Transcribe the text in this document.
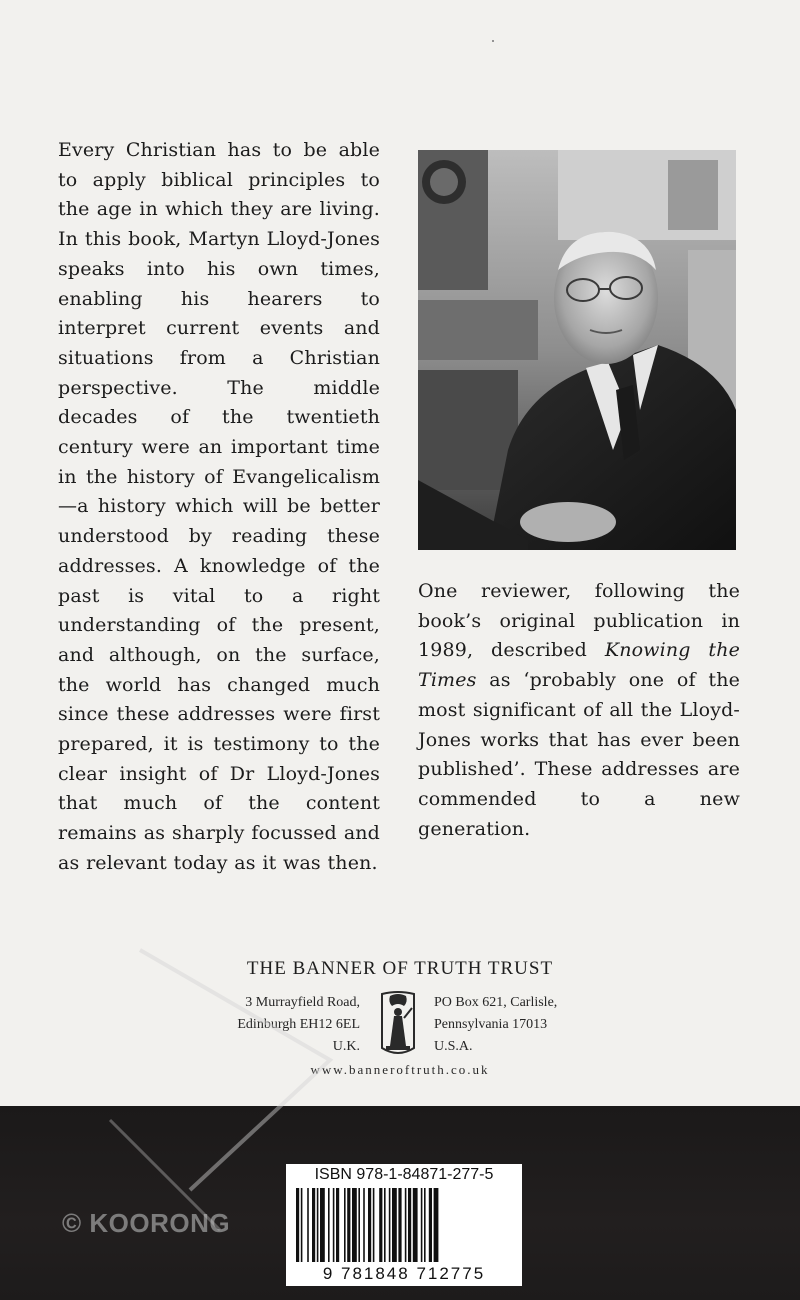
Every Christian has to be able to apply biblical principles to the age in which they are living. In this book, Martyn Lloyd-Jones speaks into his own times, enabling his hearers to interpret current events and situations from a Christian perspective. The middle decades of the twentieth century were an important time in the history of Evangelicalism—a history which will be better understood by reading these addresses. A knowledge of the past is vital to a right understanding of the present, and although, on the surface, the world has changed much since these addresses were first prepared, it is testimony to the clear insight of Dr Lloyd-Jones that much of the content remains as sharply focussed and as relevant today as it was then.

One reviewer, following the book’s original publication in 1989, described Knowing the Times as ‘probably one of the most significant of all the Lloyd-Jones works that has ever been published’. These addresses are commended to a new generation.

THE BANNER OF TRUTH TRUST
3 Murrayfield Road,
Edinburgh EH12 6EL
U.K.
PO Box 621, Carlisle,
Pennsylvania 17013
U.S.A.
www.banneroftruth.co.uk
ISBN 978-1-84871-277-5
9 781848 712775
© KOORONG
